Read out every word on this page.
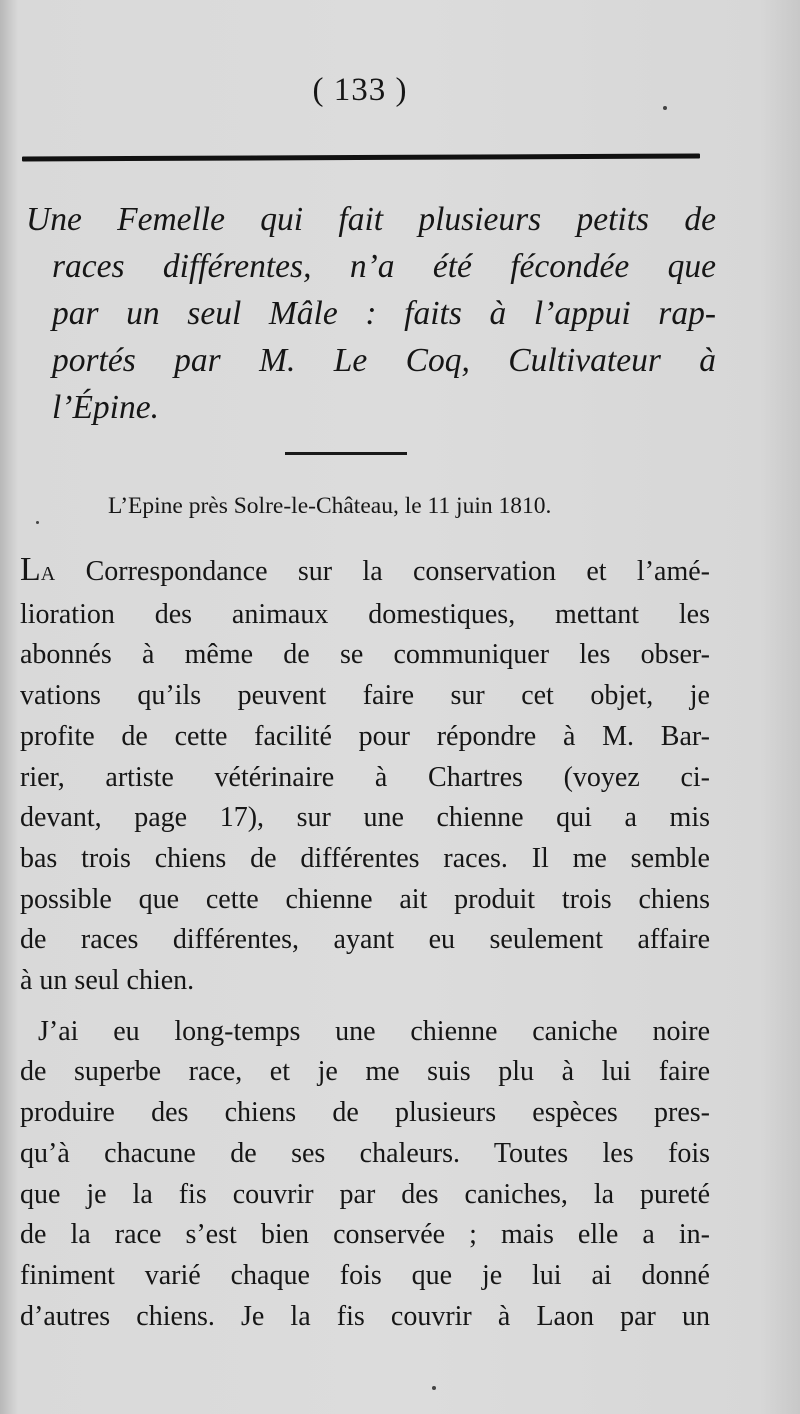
( 133 )
Une Femelle qui fait plusieurs petits de
races différentes, n’a été fécondée que
par un seul Mâle : faits à l’appui rap-
portés par M. Le Coq, Cultivateur à
l’Épine.
L’Epine près Solre-le-Château, le 11 juin 1810.
LA Correspondance sur la conservation et l’amé-
lioration des animaux domestiques, mettant les
abonnés à même de se communiquer les obser-
vations qu’ils peuvent faire sur cet objet, je
profite de cette facilité pour répondre à M. Bar-
rier, artiste vétérinaire à Chartres (voyez ci-
devant, page 17), sur une chienne qui a mis
bas trois chiens de différentes races. Il me semble
possible que cette chienne ait produit trois chiens
de races différentes, ayant eu seulement affaire
à un seul chien.
J’ai eu long-temps une chienne caniche noire
de superbe race, et je me suis plu à lui faire
produire des chiens de plusieurs espèces pres-
qu’à chacune de ses chaleurs. Toutes les fois
que je la fis couvrir par des caniches, la pureté
de la race s’est bien conservée ; mais elle a in-
finiment varié chaque fois que je lui ai donné
d’autres chiens. Je la fis couvrir à Laon par un
